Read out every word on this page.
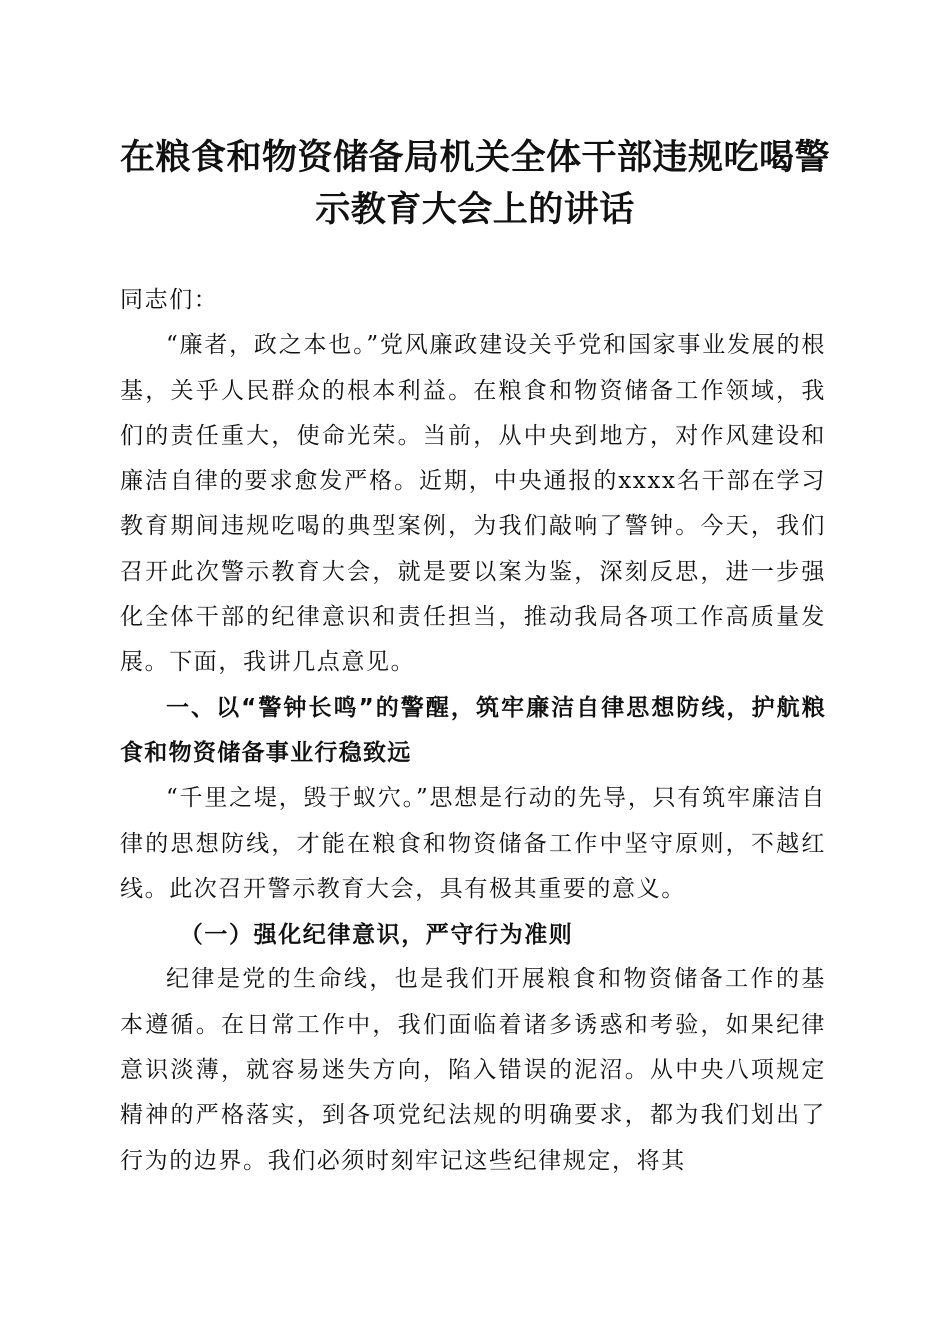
在粮食和物资储备局机关全体干部违规吃喝警
示教育大会上的讲话

同志们：

“廉者，政之本也。”党风廉政建设关乎党和国家事业发展的根基，关乎人民群众的根本利益。在粮食和物资储备工作领域，我们的责任重大，使命光荣。当前，从中央到地方，对作风建设和廉洁自律的要求愈发严格。近期，中央通报的xxxx名干部在学习教育期间违规吃喝的典型案例，为我们敲响了警钟。今天，我们召开此次警示教育大会，就是要以案为鉴，深刻反思，进一步强化全体干部的纪律意识和责任担当，推动我局各项工作高质量发展。下面，我讲几点意见。

一、以“警钟长鸣”的警醒，筑牢廉洁自律思想防线，护航粮食和物资储备事业行稳致远

“千里之堤，毁于蚁穴。”思想是行动的先导，只有筑牢廉洁自律的思想防线，才能在粮食和物资储备工作中坚守原则，不越红线。此次召开警示教育大会，具有极其重要的意义。

（一）强化纪律意识，严守行为准则

纪律是党的生命线，也是我们开展粮食和物资储备工作的基本遵循。在日常工作中，我们面临着诸多诱惑和考验，如果纪律意识淡薄，就容易迷失方向，陷入错误的泥沼。从中央八项规定精神的严格落实，到各项党纪法规的明确要求，都为我们划出了行为的边界。我们必须时刻牢记这些纪律规定，将其
